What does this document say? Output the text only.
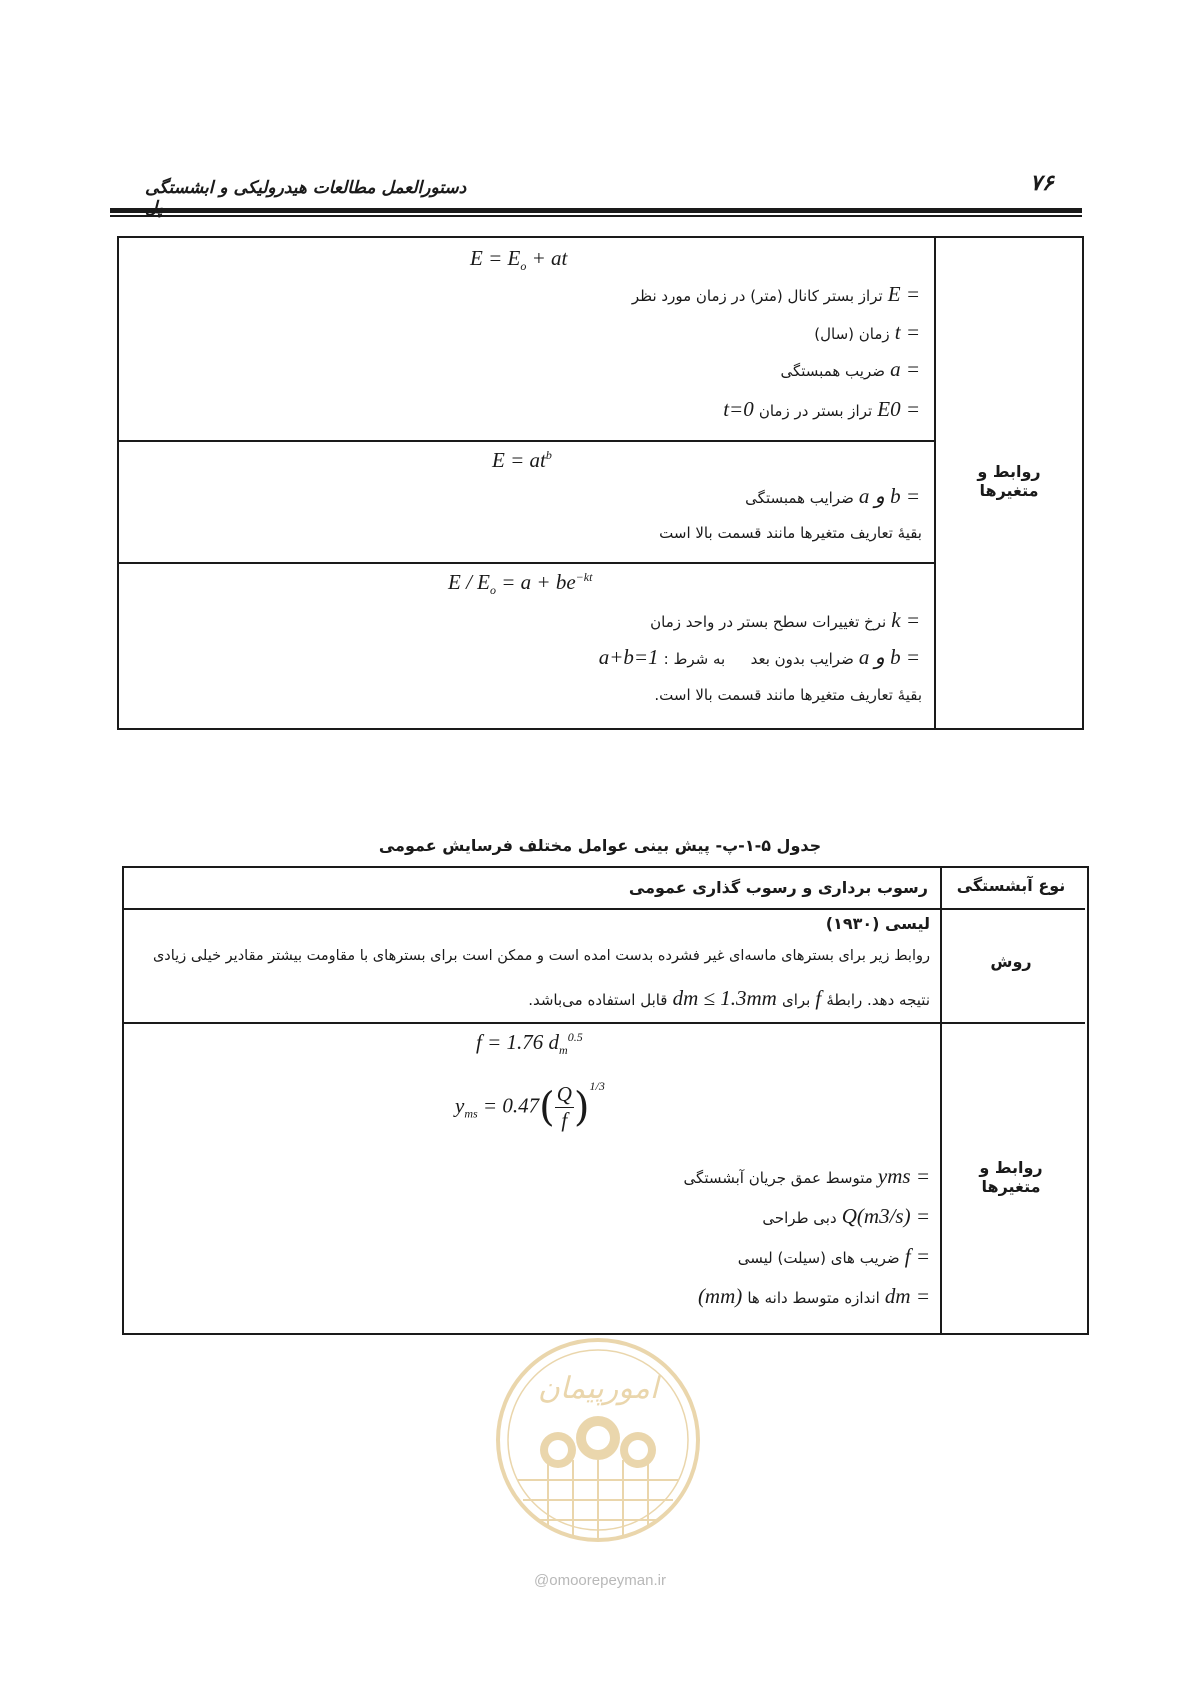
۷۶
دستورالعمل مطالعات هیدرولیکی و ابشستگی
روابط و متغیرها
$E = E_o$ + at
تراز بستر کانال (متر) در زمان مورد نظر E =
زمان (سال) t =
ضریب همبستگی a =
t=0 تراز بستر در زمان E0 =
$E = at^b$
ضرایب همبستگی a و b =
بقیهٔ تعاریف متغیرها مانند قسمت بالا است
$E / E_o = a + be^{-kt}$
نرخ تغییرات سطح بستر در واحد زمان k =
a+b=1 به شرط : ضرایب بدون بعد a و b =
بقیهٔ تعاریف متغیرها مانند قسمت بالا است.
جدول ۵-۱-پ- پیش بینی عوامل مختلف فرسایش عمومی
نوع آبشستگی
رسوب برداری و رسوب گذاری عمومی
روش
لیسی (۱۹۳۰)
روابط زیر برای بسترهای ماسه‌ای غیر فشرده بدست آمده است و ممکن است برای بسترهای با مقاومت بیشتر مقادیر خیلی زیادی
قابل استفاده می‌باشد. dm ≤ 1.3mm برای f نتیجه دهد. رابطهٔ
روابط و متغیرها
f = 1.76 $d_m^{0.5}$
$y_{ms} = 0.47( \frac{Q}{f} )^{1/3}$
متوسط عمق جریان آبشستگی yms =
دبی طراحی Q(m3/s) =
ضریب های (سیلت) لیسی f =
(mm) اندازه متوسط دانه ها dm =
امورپیمان
@omoorepeyman.ir
